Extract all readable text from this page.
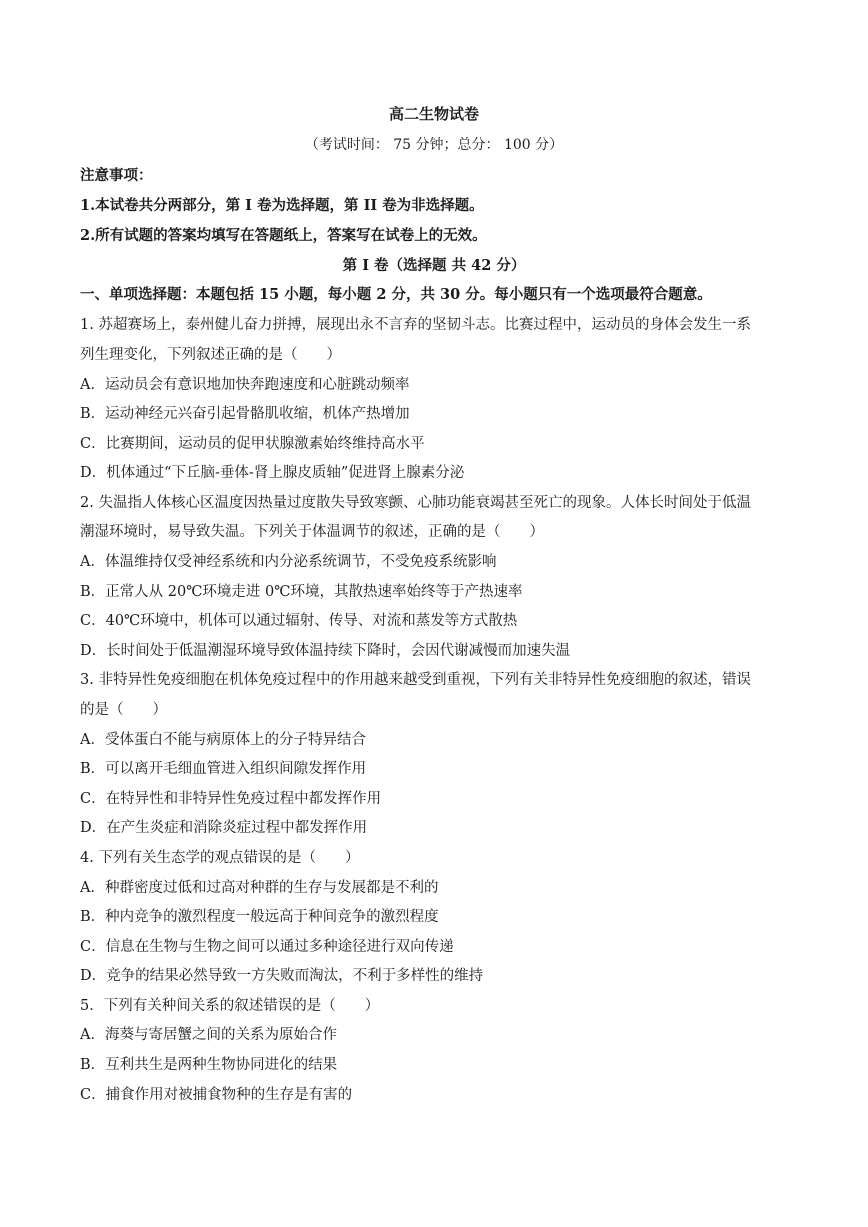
高二生物试卷
（考试时间： 75 分钟；总分： 100 分）
注意事项：
1.本试卷共分两部分，第 I 卷为选择题，第 II 卷为非选择题。
2.所有试题的答案均填写在答题纸上，答案写在试卷上的无效。
第 I 卷（选择题 共 42 分）
一、单项选择题：本题包括 15 小题，每小题 2 分，共 30 分。每小题只有一个选项最符合题意。
1. 苏超赛场上，泰州健儿奋力拼搏，展现出永不言弃的坚韧斗志。比赛过程中，运动员的身体会发生一系
列生理变化，下列叙述正确的是（　　）
A．运动员会有意识地加快奔跑速度和心脏跳动频率
B．运动神经元兴奋引起骨骼肌收缩，机体产热增加
C．比赛期间，运动员的促甲状腺激素始终维持高水平
D．机体通过“下丘脑-垂体-肾上腺皮质轴”促进肾上腺素分泌
2. 失温指人体核心区温度因热量过度散失导致寒颤、心肺功能衰竭甚至死亡的现象。人体长时间处于低温
潮湿环境时，易导致失温。下列关于体温调节的叙述，正确的是（　　）
A．体温维持仅受神经系统和内分泌系统调节，不受免疫系统影响
B．正常人从 20℃环境走进 0℃环境，其散热速率始终等于产热速率
C．40℃环境中，机体可以通过辐射、传导、对流和蒸发等方式散热
D．长时间处于低温潮湿环境导致体温持续下降时，会因代谢减慢而加速失温
3. 非特异性免疫细胞在机体免疫过程中的作用越来越受到重视，下列有关非特异性免疫细胞的叙述，错误
的是（　　）
A．受体蛋白不能与病原体上的分子特异结合
B．可以离开毛细血管进入组织间隙发挥作用
C．在特异性和非特异性免疫过程中都发挥作用
D．在产生炎症和消除炎症过程中都发挥作用
4. 下列有关生态学的观点错误的是（　　）
A．种群密度过低和过高对种群的生存与发展都是不利的
B．种内竞争的激烈程度一般远高于种间竞争的激烈程度
C．信息在生物与生物之间可以通过多种途径进行双向传递
D．竞争的结果必然导致一方失败而淘汰，不利于多样性的维持
5．下列有关种间关系的叙述错误的是（　　）
A．海葵与寄居蟹之间的关系为原始合作
B．互利共生是两种生物协同进化的结果
C．捕食作用对被捕食物种的生存是有害的
